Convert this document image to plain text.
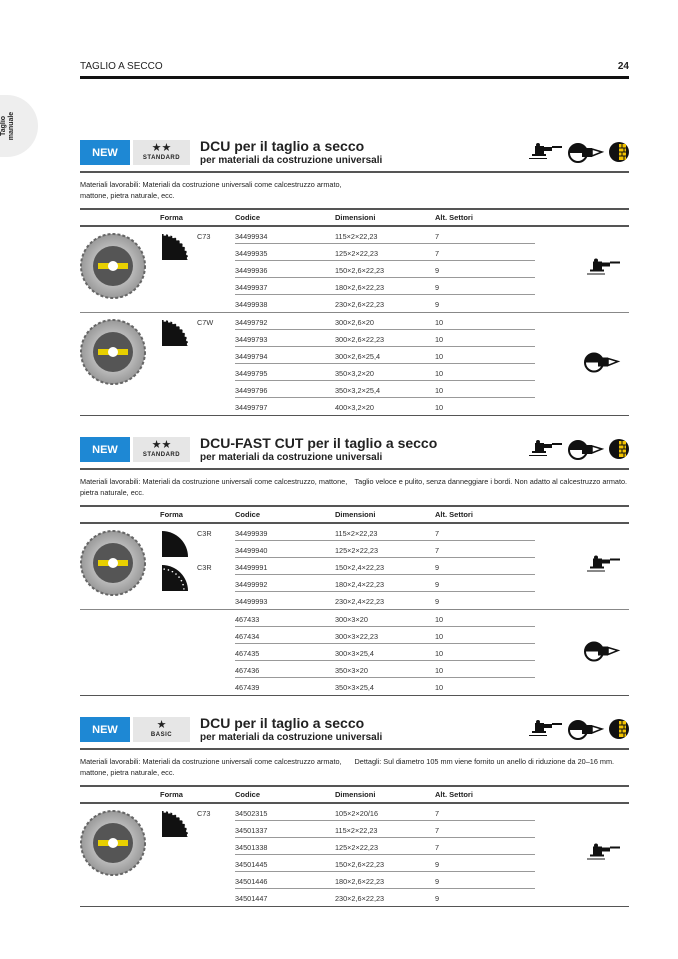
Taglio
manuale
TAGLIO A SECCO	24
NEW	★★
STANDARD
DCU per il taglio a secco
per materiali da costruzione universali
Materiali lavorabili: Materiali da costruzione universali come calcestruzzo armato, mattone, pietra naturale, ecc.
Forma	Codice	Dimensioni	Alt. Settori
C73	34499934	115×2×22,23	7
34499935	125×2×22,23	7
34499936	150×2,6×22,23	9
34499937	180×2,6×22,23	9
34499938	230×2,6×22,23	9
C7W	34499792	300×2,6×20	10
34499793	300×2,6×22,23	10
34499794	300×2,6×25,4	10
34499795	350×3,2×20	10
34499796	350×3,2×25,4	10
34499797	400×3,2×20	10
NEW	★★
STANDARD
DCU-FAST CUT per il taglio a secco
per materiali da costruzione universali
Materiali lavorabili: Materiali da costruzione universali come calcestruzzo, mattone, pietra naturale, ecc.
Taglio veloce e pulito, senza danneggiare i bordi. Non adatto al calcestruzzo armato.
Forma	Codice	Dimensioni	Alt. Settori
C3R	34499939	115×2×22,23	7
34499940	125×2×22,23	7
C3R	34499991	150×2,4×22,23	9
34499992	180×2,4×22,23	9
34499993	230×2,4×22,23	9
467433	300×3×20	10
467434	300×3×22,23	10
467435	300×3×25,4	10
467436	350×3×20	10
467439	350×3×25,4	10
NEW	★
BASIC
DCU per il taglio a secco
per materiali da costruzione universali
Materiali lavorabili: Materiali da costruzione universali come calcestruzzo armato, mattone, pietra naturale, ecc.
Dettagli: Sul diametro 105 mm viene fornito un anello di riduzione da 20–16 mm.
Forma	Codice	Dimensioni	Alt. Settori
C73	34502315	105×2×20/16	7
34501337	115×2×22,23	7
34501338	125×2×22,23	7
34501445	150×2,6×22,23	9
34501446	180×2,6×22,23	9
34501447	230×2,6×22,23	9
